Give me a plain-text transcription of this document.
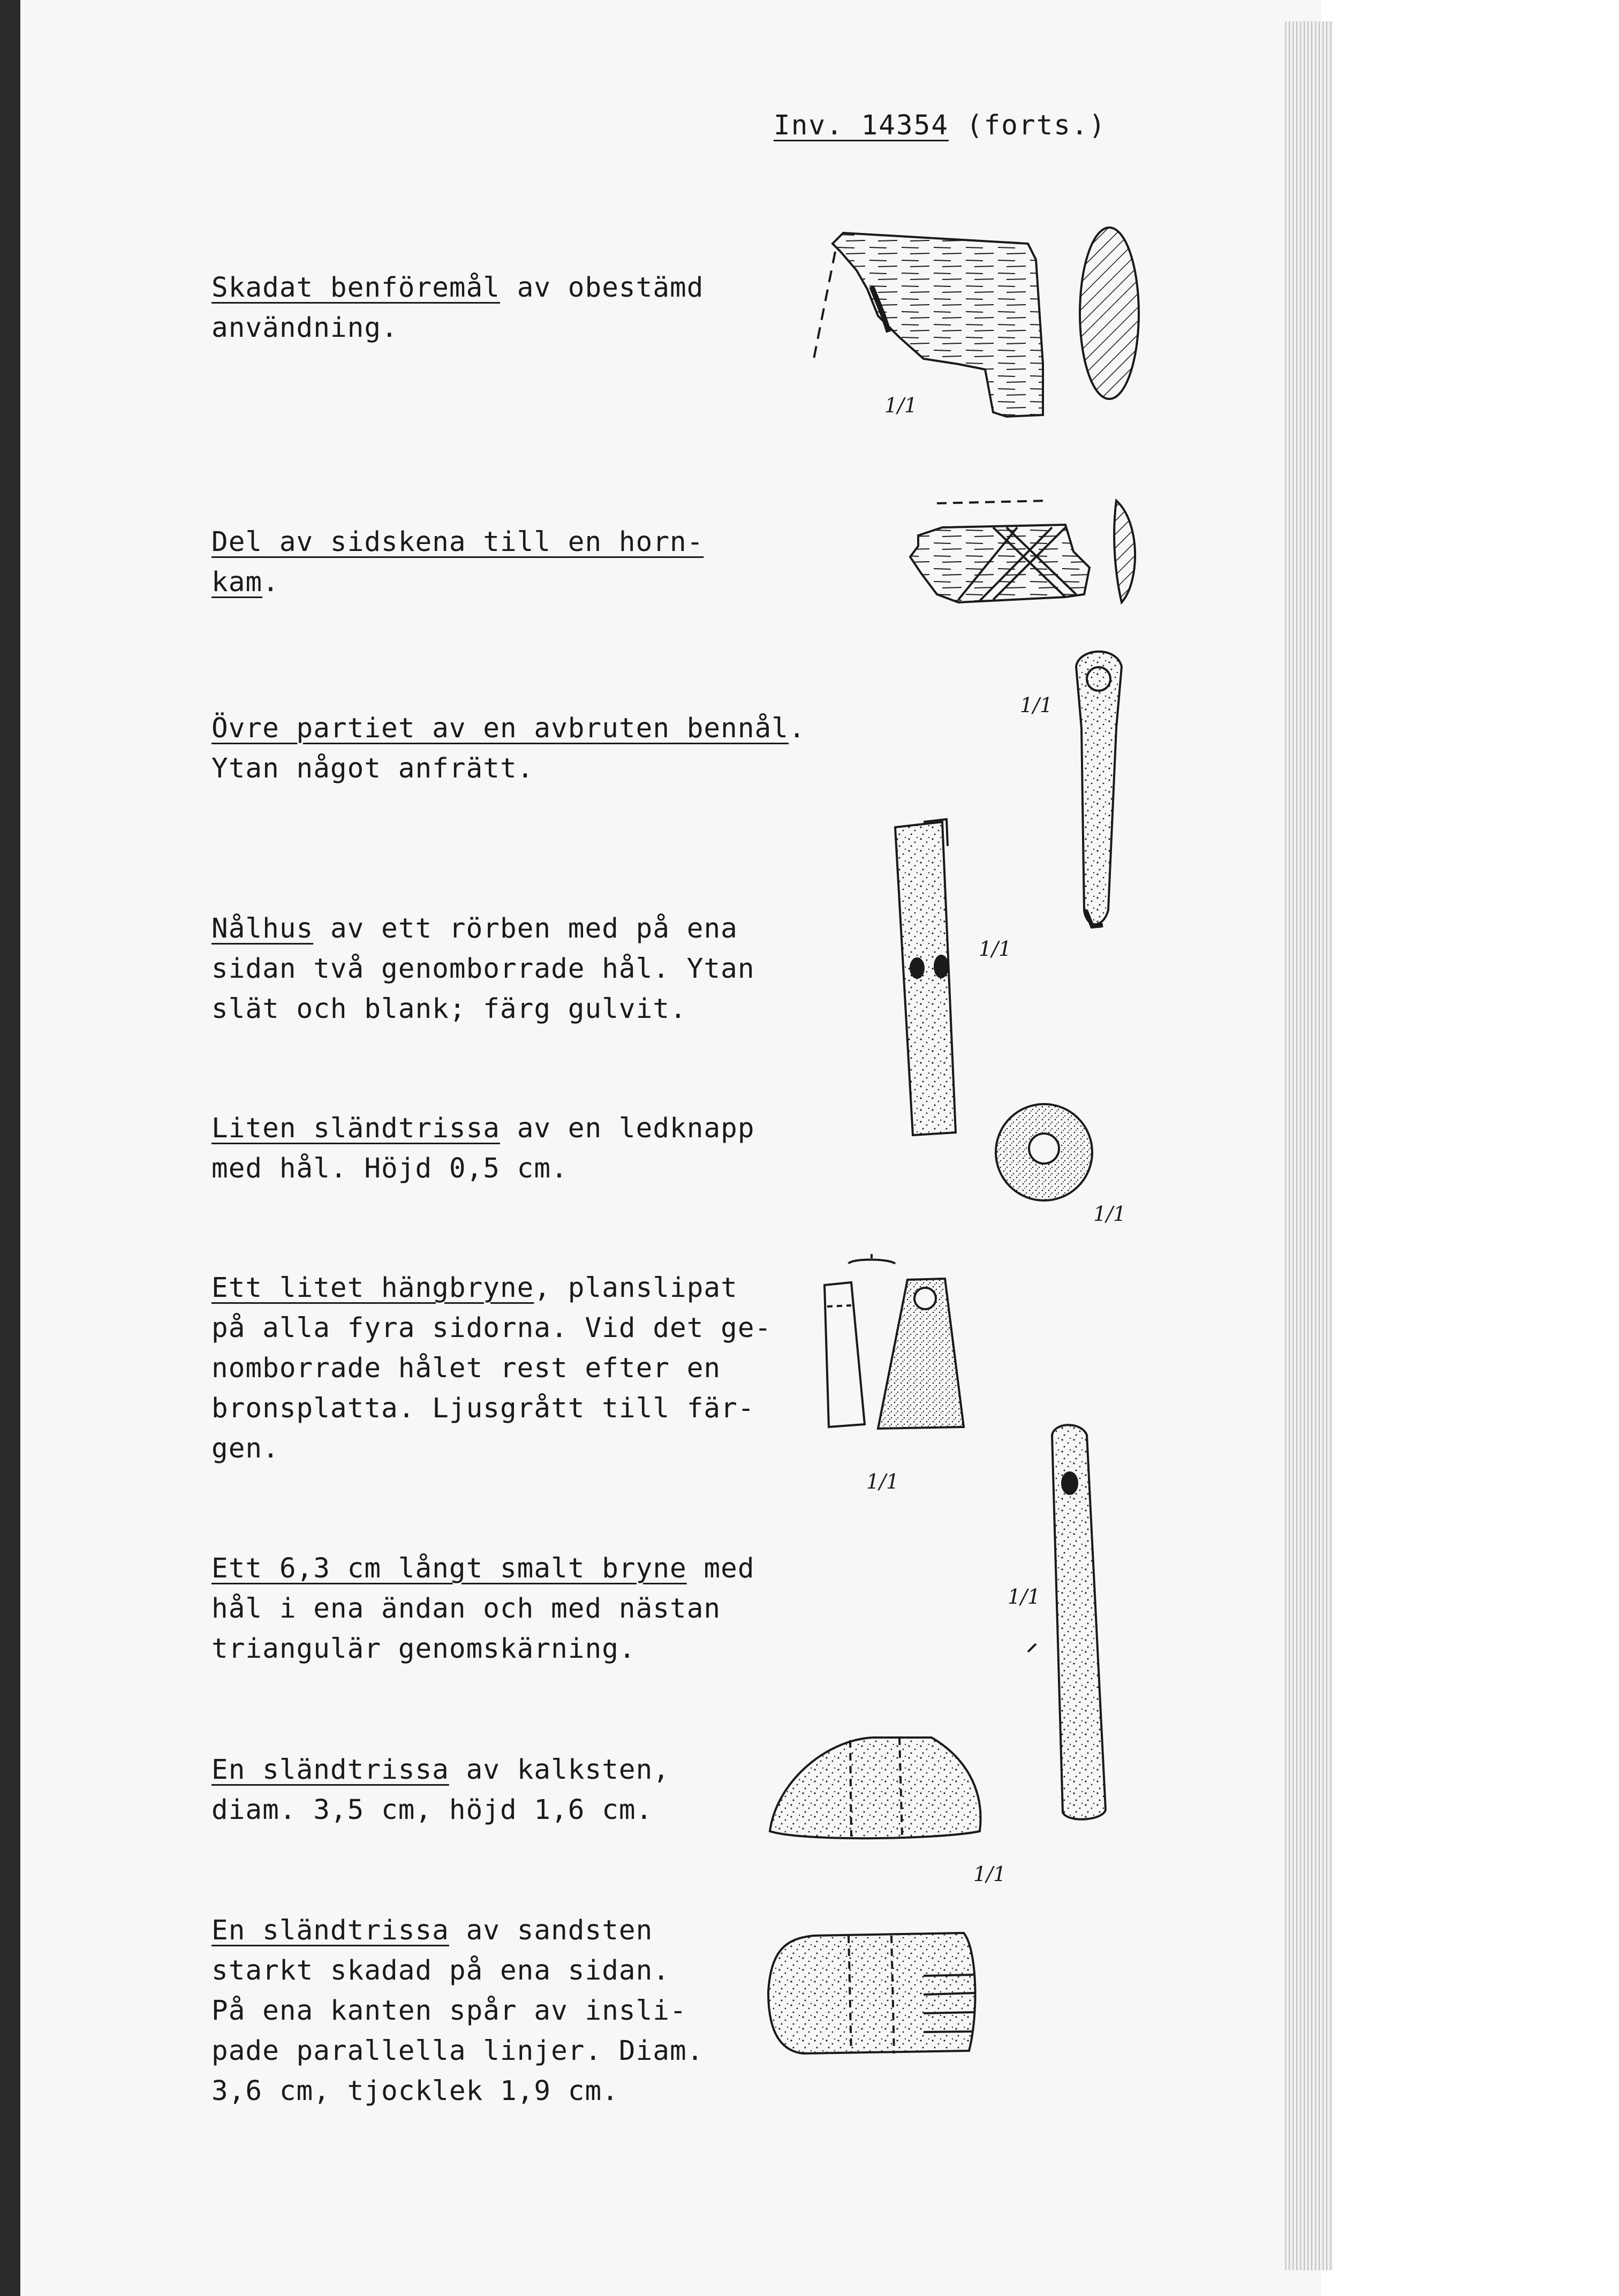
Inv. 14354 (forts.)
Skadat benföremål av obestämd
användning.
Del av sidskena till en horn-
kam.
Övre partiet av en avbruten bennål.
Ytan något anfrätt.
Nålhus av ett rörben med på ena
sidan två genomborrade hål. Ytan
slät och blank; färg gulvit.
Liten sländtrissa av en ledknapp
med hål. Höjd 0,5 cm.
Ett litet hängbryne, planslipat
på alla fyra sidorna. Vid det ge-
nomborrade hålet rest efter en
bronsplatta. Ljusgrått till fär-
gen.
Ett 6,3 cm långt smalt bryne med
hål i ena ändan och med nästan
triangulär genomskärning.
En sländtrissa av kalksten,
diam. 3,5 cm, höjd 1,6 cm.
En sländtrissa av sandsten
starkt skadad på ena sidan.
På ena kanten spår av insli-
pade parallella linjer. Diam.
3,6 cm, tjocklek 1,9 cm.
1/1
1/1
1/1
1/1
1/1
1/1
1/1
